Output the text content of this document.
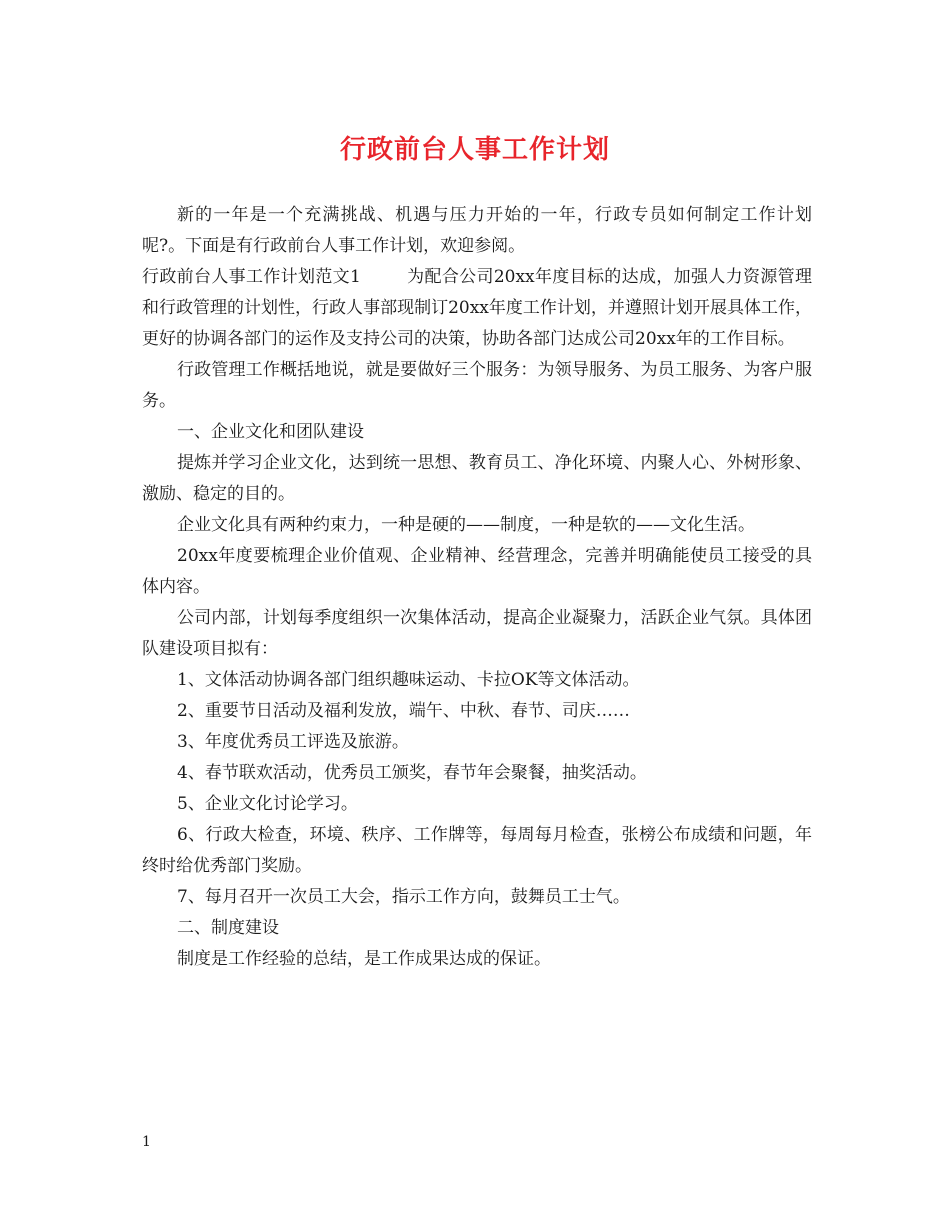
行政前台人事工作计划

新的一年是一个充满挑战、机遇与压力开始的一年，行政专员如何制定工作计划呢?。下面是有行政前台人事工作计划，欢迎参阅。

行政前台人事工作计划范文1	为配合公司20xx年度目标的达成，加强人力资源管理和行政管理的计划性，行政人事部现制订20xx年度工作计划，并遵照计划开展具体工作，更好的协调各部门的运作及支持公司的决策，协助各部门达成公司20xx年的工作目标。

行政管理工作概括地说，就是要做好三个服务：为领导服务、为员工服务、为客户服务。

一、企业文化和团队建设

提炼并学习企业文化，达到统一思想、教育员工、净化环境、内聚人心、外树形象、激励、稳定的目的。

企业文化具有两种约束力，一种是硬的——制度，一种是软的——文化生活。

20xx年度要梳理企业价值观、企业精神、经营理念，完善并明确能使员工接受的具体内容。

公司内部，计划每季度组织一次集体活动，提高企业凝聚力，活跃企业气氛。具体团队建设项目拟有：

1、文体活动协调各部门组织趣味运动、卡拉OK等文体活动。

2、重要节日活动及福利发放，端午、中秋、春节、司庆……

3、年度优秀员工评选及旅游。

4、春节联欢活动，优秀员工颁奖，春节年会聚餐，抽奖活动。

5、企业文化讨论学习。

6、行政大检查，环境、秩序、工作牌等，每周每月检查，张榜公布成绩和问题，年终时给优秀部门奖励。

7、每月召开一次员工大会，指示工作方向，鼓舞员工士气。

二、制度建设

制度是工作经验的总结，是工作成果达成的保证。

1
